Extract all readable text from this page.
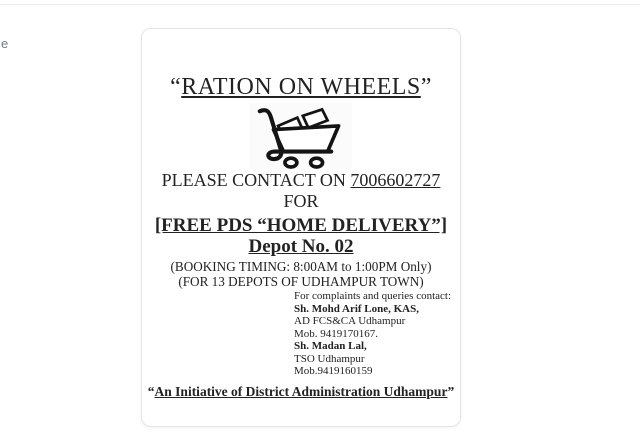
e
“RATION ON WHEELS”

PLEASE CONTACT ON 7006602727

FOR

[FREE PDS “HOME DELIVERY”]

Depot No. 02

(BOOKING TIMING: 8:00AM to 1:00PM Only)

(FOR 13 DEPOTS OF UDHAMPUR TOWN)

For complaints and queries contact:

Sh. Mohd Arif Lone, KAS,

AD FCS&CA Udhampur

Mob. 9419170167.

Sh. Madan Lal,

TSO Udhampur

Mob.9419160159

“An Initiative of District Administration Udhampur”
